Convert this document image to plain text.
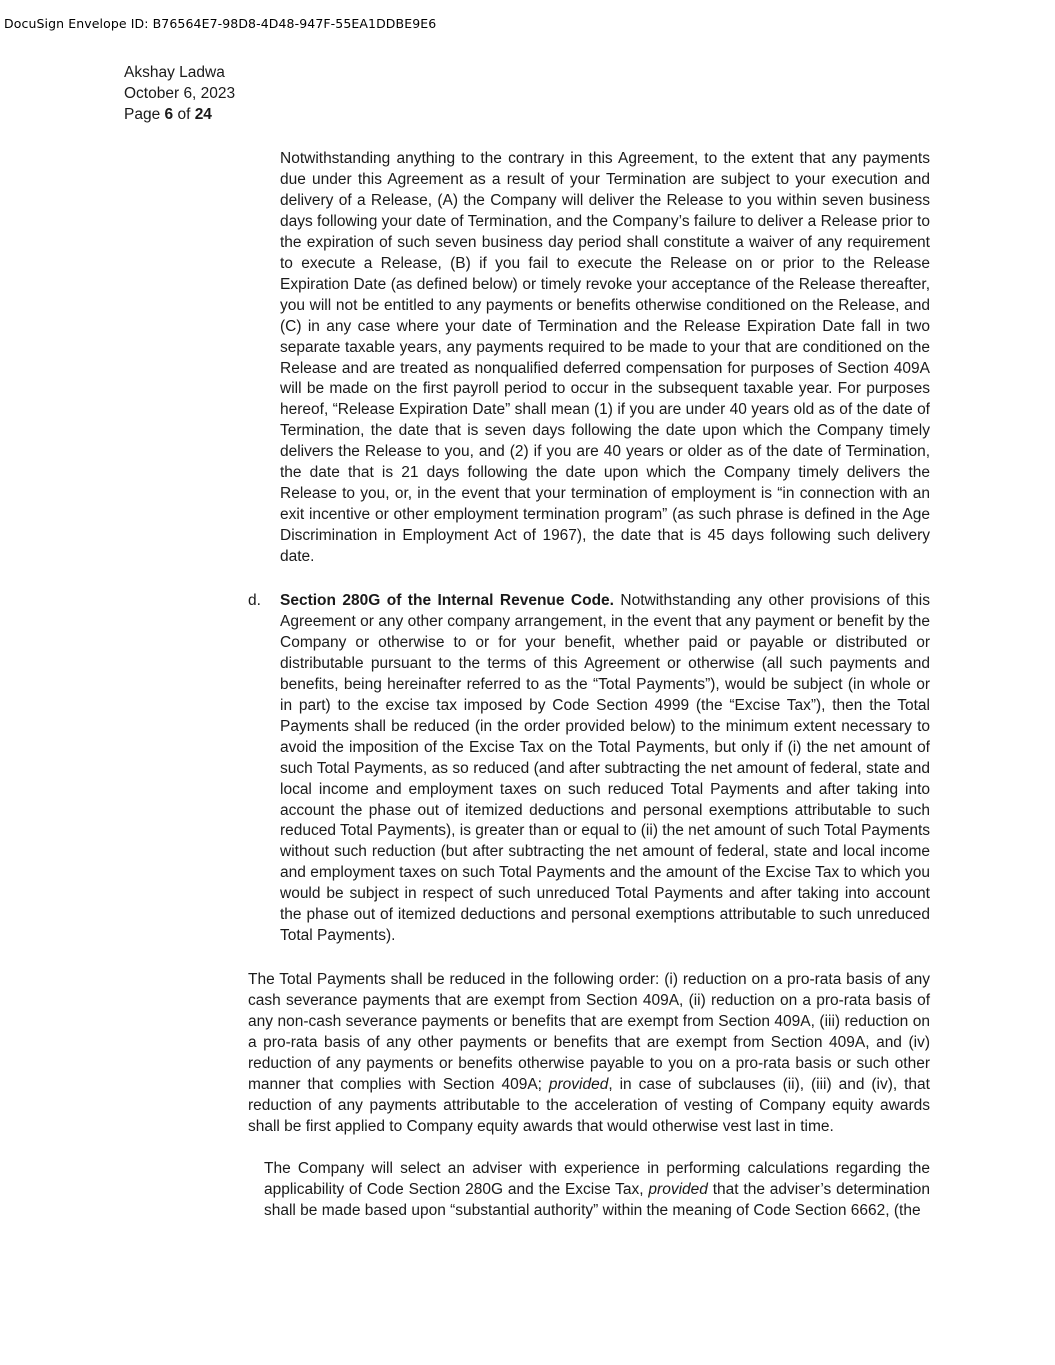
DocuSign Envelope ID: B76564E7-98D8-4D48-947F-55EA1DDBE9E6
Akshay Ladwa
October 6, 2023
Page 6 of 24

Notwithstanding anything to the contrary in this Agreement, to the extent that any payments due under this Agreement as a result of your Termination are subject to your execution and delivery of a Release, (A) the Company will deliver the Release to you within seven business days following your date of Termination, and the Company’s failure to deliver a Release prior to the expiration of such seven business day period shall constitute a waiver of any requirement to execute a Release, (B) if you fail to execute the Release on or prior to the Release Expiration Date (as defined below) or timely revoke your acceptance of the Release thereafter, you will not be entitled to any payments or benefits otherwise conditioned on the Release, and (C) in any case where your date of Termination and the Release Expiration Date fall in two separate taxable years, any payments required to be made to your that are conditioned on the Release and are treated as nonqualified deferred compensation for purposes of Section 409A will be made on the first payroll period to occur in the subsequent taxable year. For purposes hereof, “Release Expiration Date” shall mean (1) if you are under 40 years old as of the date of Termination, the date that is seven days following the date upon which the Company timely delivers the Release to you, and (2) if you are 40 years or older as of the date of Termination, the date that is 21 days following the date upon which the Company timely delivers the Release to you, or, in the event that your termination of employment is “in connection with an exit incentive or other employment termination program” (as such phrase is defined in the Age Discrimination in Employment Act of 1967), the date that is 45 days following such delivery date.

d. Section 280G of the Internal Revenue Code. Notwithstanding any other provisions of this Agreement or any other company arrangement, in the event that any payment or benefit by the Company or otherwise to or for your benefit, whether paid or payable or distributed or distributable pursuant to the terms of this Agreement or otherwise (all such payments and benefits, being hereinafter referred to as the “Total Payments”), would be subject (in whole or in part) to the excise tax imposed by Code Section 4999 (the “Excise Tax”), then the Total Payments shall be reduced (in the order provided below) to the minimum extent necessary to avoid the imposition of the Excise Tax on the Total Payments, but only if (i) the net amount of such Total Payments, as so reduced (and after subtracting the net amount of federal, state and local income and employment taxes on such reduced Total Payments and after taking into account the phase out of itemized deductions and personal exemptions attributable to such reduced Total Payments), is greater than or equal to (ii) the net amount of such Total Payments without such reduction (but after subtracting the net amount of federal, state and local income and employment taxes on such Total Payments and the amount of the Excise Tax to which you would be subject in respect of such unreduced Total Payments and after taking into account the phase out of itemized deductions and personal exemptions attributable to such unreduced Total Payments).

The Total Payments shall be reduced in the following order: (i) reduction on a pro-rata basis of any cash severance payments that are exempt from Section 409A, (ii) reduction on a pro-rata basis of any non-cash severance payments or benefits that are exempt from Section 409A, (iii) reduction on a pro-rata basis of any other payments or benefits that are exempt from Section 409A, and (iv) reduction of any payments or benefits otherwise payable to you on a pro-rata basis or such other manner that complies with Section 409A; provided, in case of subclauses (ii), (iii) and (iv), that reduction of any payments attributable to the acceleration of vesting of Company equity awards shall be first applied to Company equity awards that would otherwise vest last in time.

The Company will select an adviser with experience in performing calculations regarding the applicability of Code Section 280G and the Excise Tax, provided that the adviser’s determination shall be made based upon “substantial authority” within the meaning of Code Section 6662, (the
